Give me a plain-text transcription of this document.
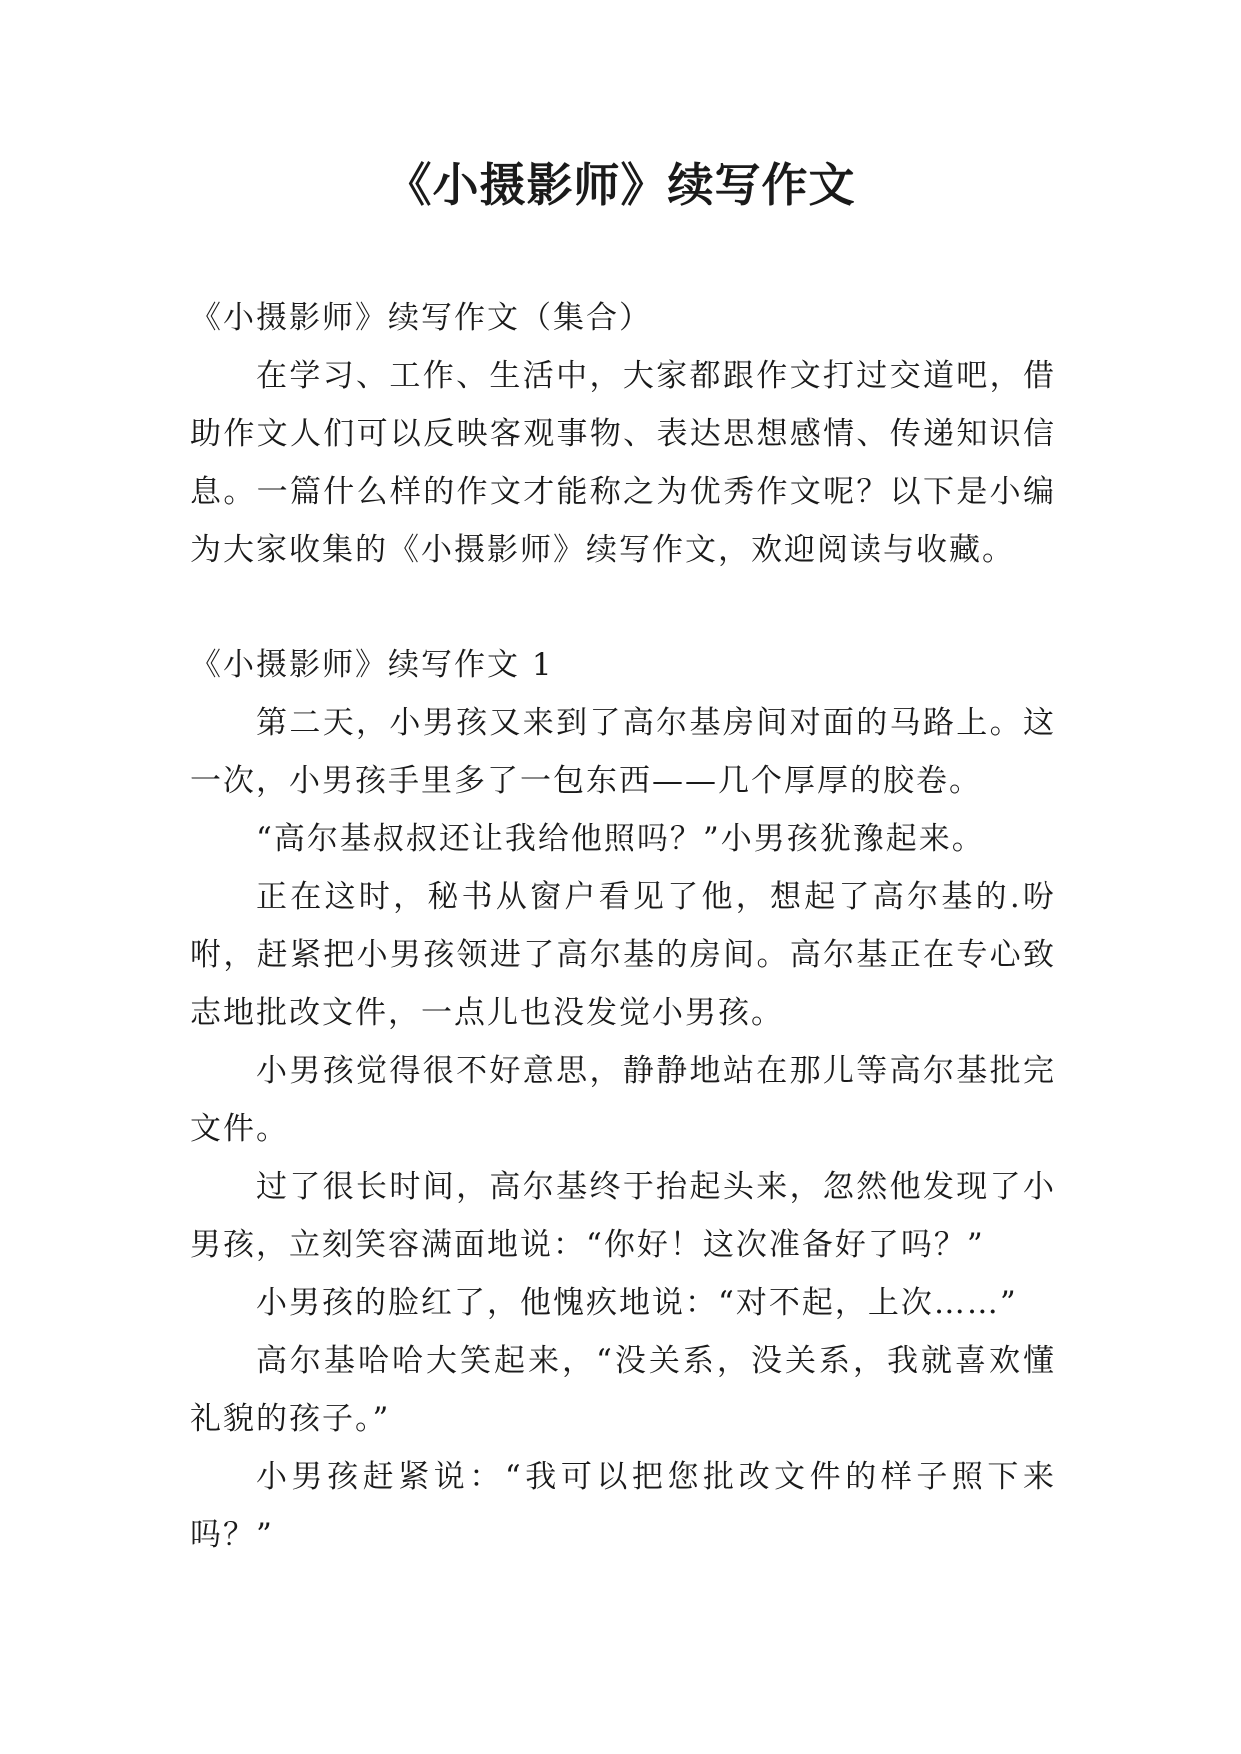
《小摄影师》续写作文

《小摄影师》续写作文（集合）

在学习、工作、生活中，大家都跟作文打过交道吧，借助作文人们可以反映客观事物、表达思想感情、传递知识信息。一篇什么样的作文才能称之为优秀作文呢？以下是小编为大家收集的《小摄影师》续写作文，欢迎阅读与收藏。

《小摄影师》续写作文 1

第二天，小男孩又来到了高尔基房间对面的马路上。这一次，小男孩手里多了一包东西——几个厚厚的胶卷。

“高尔基叔叔还让我给他照吗？”小男孩犹豫起来。

正在这时，秘书从窗户看见了他，想起了高尔基的.吩咐，赶紧把小男孩领进了高尔基的房间。高尔基正在专心致志地批改文件，一点儿也没发觉小男孩。

小男孩觉得很不好意思，静静地站在那儿等高尔基批完文件。

过了很长时间，高尔基终于抬起头来，忽然他发现了小男孩，立刻笑容满面地说：“你好！这次准备好了吗？”

小男孩的脸红了，他愧疚地说：“对不起，上次……”

高尔基哈哈大笑起来，“没关系，没关系，我就喜欢懂礼貌的孩子。”

小男孩赶紧说：“我可以把您批改文件的样子照下来吗？”
